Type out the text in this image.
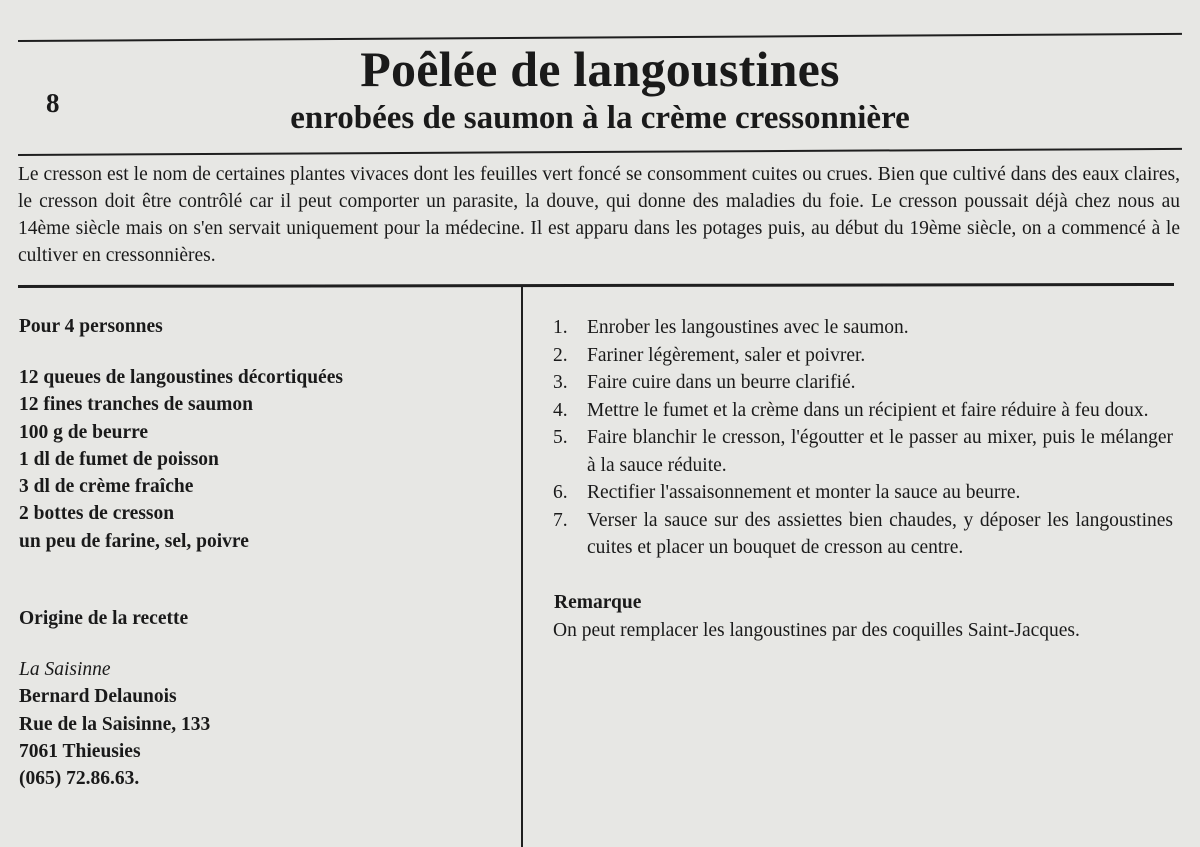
8
Poêlée de langoustines
enrobées de saumon à la crème cressonnière

Le cresson est le nom de certaines plantes vivaces dont les feuilles vert foncé se consomment cuites ou crues. Bien que cultivé dans des eaux claires, le cresson doit être contrôlé car il peut comporter un parasite, la douve, qui donne des maladies du foie. Le cresson poussait déjà chez nous au 14ème siècle mais on s'en servait uniquement pour la médecine. Il est apparu dans les potages puis, au début du 19ème siècle, on a commencé à le cultiver en cressonnières.

Pour 4 personnes

12 queues de langoustines décortiquées
12 fines tranches de saumon
100 g de beurre
1 dl de fumet de poisson
3 dl de crème fraîche
2 bottes de cresson
un peu de farine, sel, poivre

Origine de la recette

La Saisinne
Bernard Delaunois
Rue de la Saisinne, 133
7061 Thieusies
(065) 72.86.63.
1. Enrober les langoustines avec le saumon.
2. Fariner légèrement, saler et poivrer.
3. Faire cuire dans un beurre clarifié.
4. Mettre le fumet et la crème dans un récipient et faire réduire à feu doux.
5. Faire blanchir le cresson, l'égoutter et le passer au mixer, puis le mélanger à la sauce réduite.
6. Rectifier l'assaisonnement et monter la sauce au beurre.
7. Verser la sauce sur des assiettes bien chaudes, y déposer les langoustines cuites et placer un bouquet de cresson au centre.
Remarque
On peut remplacer les langoustines par des coquilles Saint-Jacques.
